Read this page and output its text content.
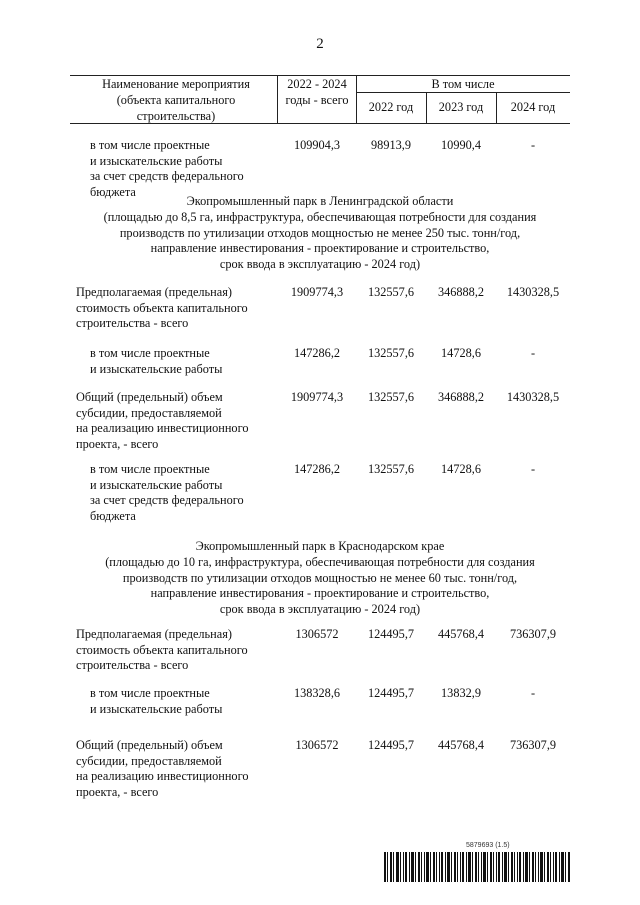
2
Наименование мероприятия (объекта капитального строительства)
2022 - 2024 годы - всего
В том числе
2022 год	2023 год	2024 год
в том числе проектные
и изыскательские работы
за счет средств федерального
бюджета
109904,3	98913,9	10990,4	-
Экопромышленный парк в Ленинградской области
(площадью до 8,5 га, инфраструктура, обеспечивающая потребности для создания
производств по утилизации отходов мощностью не менее 250 тыс. тонн/год,
направление инвестирования - проектирование и строительство,
срок ввода в эксплуатацию - 2024 год)
Предполагаемая (предельная)
стоимость объекта капитального
строительства - всего
1909774,3	132557,6	346888,2	1430328,5
в том числе проектные
и изыскательские работы
147286,2	132557,6	14728,6	-
Общий (предельный) объем
субсидии, предоставляемой
на реализацию инвестиционного
проекта, - всего
1909774,3	132557,6	346888,2	1430328,5
в том числе проектные
и изыскательские работы
за счет средств федерального
бюджета
147286,2	132557,6	14728,6	-
Экопромышленный парк в Краснодарском крае
(площадью до 10 га, инфраструктура, обеспечивающая потребности для создания
производств по утилизации отходов мощностью не менее 60 тыс. тонн/год,
направление инвестирования - проектирование и строительство,
срок ввода в эксплуатацию - 2024 год)
Предполагаемая (предельная)
стоимость объекта капитального
строительства - всего
1306572	124495,7	445768,4	736307,9
в том числе проектные
и изыскательские работы
138328,6	124495,7	13832,9	-
Общий (предельный) объем
субсидии, предоставляемой
на реализацию инвестиционного
проекта, - всего
1306572	124495,7	445768,4	736307,9
5879693 (1.5)
